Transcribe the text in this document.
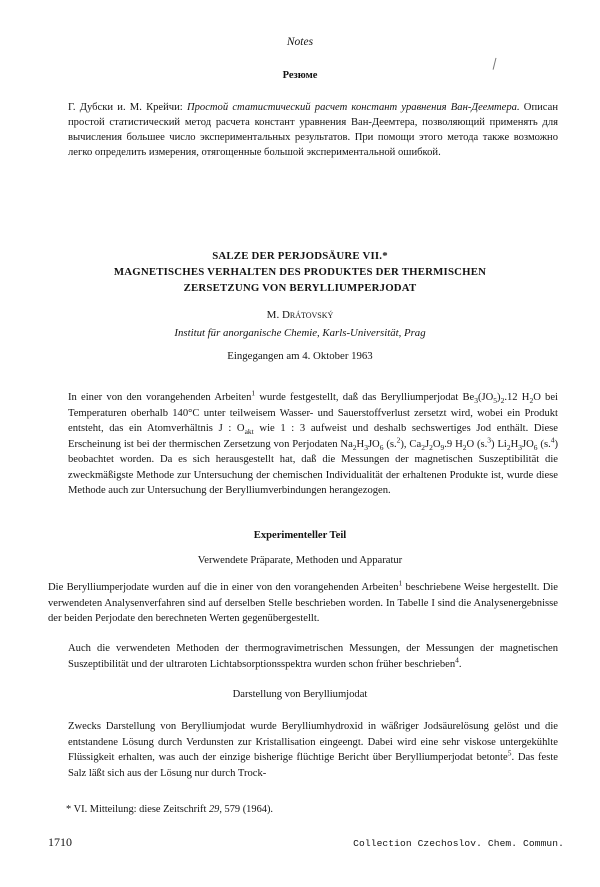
Notes
Резюме
Г. Дубски и. М. Крейчи: Простой статистический расчет констант уравнения Ван-Деемтера. Описан простой статистический метод расчета констант уравнения Ван-Деемтера, позволяющий применять для вычисления большее число экспериментальных результатов. При помощи этого метода также возможно легко определить измерения, отягощенные большой экспериментальной ошибкой.
SALZE DER PERJODSÄURE VII.*
MAGNETISCHES VERHALTEN DES PRODUKTES DER THERMISCHEN
ZERSETZUNG VON BERYLLIUMPERJODAT
M. Drátovský
Institut für anorganische Chemie, Karls-Universität, Prag
Eingegangen am 4. Oktober 1963
In einer von den vorangehenden Arbeiten$^1$ wurde festgestellt, daß das Berylliumperjodat $Be_3(JO_5)_2.12$ $H_2O$ bei Temperaturen oberhalb 140°C unter teilweisem Wasser- und Sauerstoffverlust zersetzt wird, wobei ein Produkt entsteht, das ein Atomverhältnis J : $O_{akt}$ wie 1 : 3 aufweist und deshalb sechswertiges Jod enthält. Diese Erscheinung ist bei der thermischen Zersetzung von Perjodaten $Na_2H_3JO_6$ (s.$^2$), $Ca_2J_2O_9.9$ $H_2O$ (s.$^3$) $Li_2H_3JO_6$ (s.$^4$) beobachtet worden. Da es sich herausgestellt hat, daß die Messungen der magnetischen Suszeptibilität die zweckmäßigste Methode zur Untersuchung der chemischen Individualität der erhaltenen Produkte ist, wurde diese Methode auch zur Untersuchung der Berylliumverbindungen herangezogen.
Experimenteller Teil
Verwendete Präparate, Methoden und Apparatur
Die Berylliumperjodate wurden auf die in einer von den vorangehenden Arbeiten$^1$ beschriebene Weise hergestellt. Die verwendeten Analysenverfahren sind auf derselben Stelle beschrieben worden. In Tabelle I sind die Analysenergebnisse der beiden Perjodate den berechneten Werten gegenübergestellt.
Auch die verwendeten Methoden der thermogravimetrischen Messungen, der Messungen der magnetischen Suszeptibilität und der ultraroten Lichtabsorptionsspektra wurden schon früher beschrieben$^4$.
Darstellung von Berylliumjodat
Zwecks Darstellung von Berylliumjodat wurde Berylliumhydroxid in wäßriger Jodsäurelösung gelöst und die entstandene Lösung durch Verdunsten zur Kristallisation eingeengt. Dabei wird eine sehr viskose untergekühlte Flüssigkeit erhalten, was auch der einzige bisherige flüchtige Bericht über Berylliumperjodat betonte$^5$. Das feste Salz läßt sich aus der Lösung nur durch Trock-
* VI. Mitteilung: diese Zeitschrift 29, 579 (1964).
1710	Collection Czechoslov. Chem. Commun.
